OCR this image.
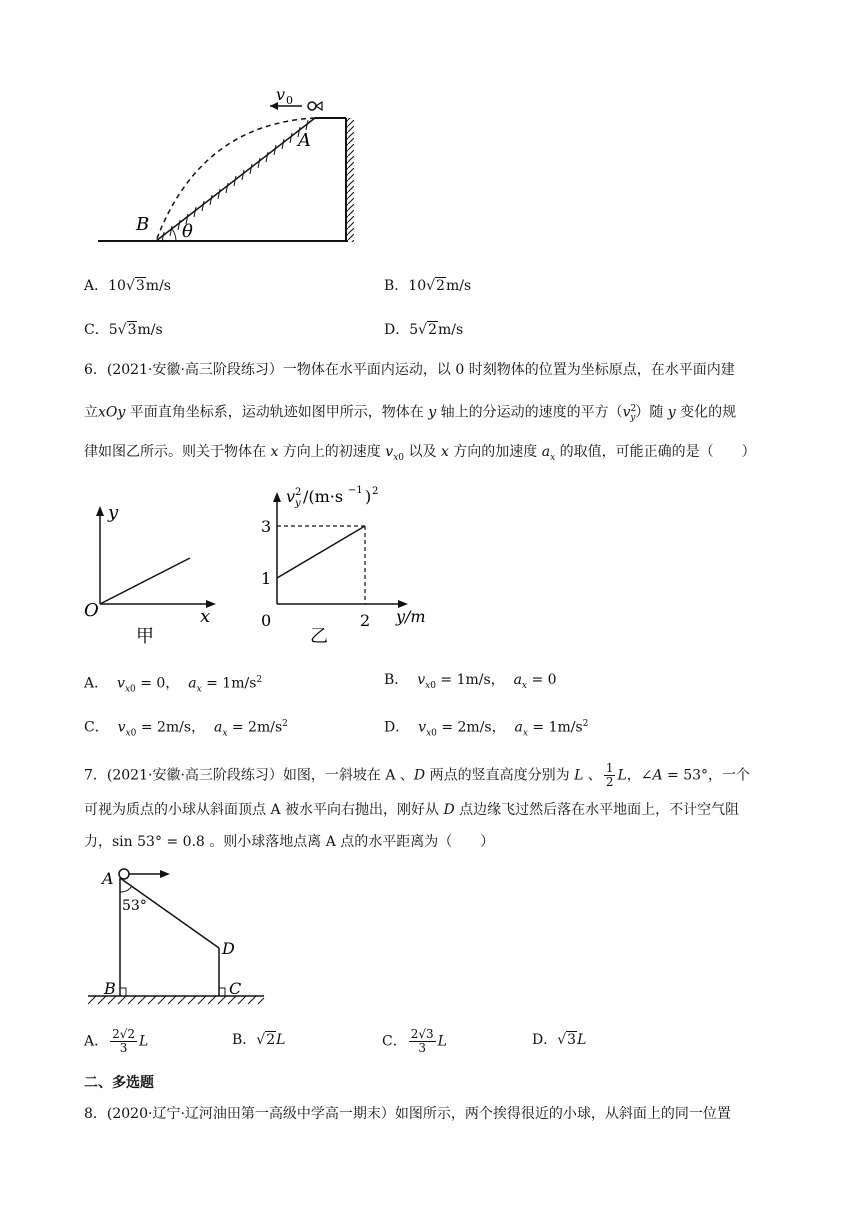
v 0
A
B θ
A．10√3m/s	B．10√2m/s
C．5√3m/s	D．5√2m/s
6．(2021·安徽·高三阶段练习）一物体在水平面内运动，以 0 时刻物体的位置为坐标原点，在水平面内建
立xOy 平面直角坐标系，运动轨迹如图甲所示，物体在 y 轴上的分运动的速度的平方$(v^2_y)$随 y 变化的规
律如图乙所示。则关于物体在 x 方向上的初速度 $v_{x0}$ 以及 x 方向的加速度 $a_x$ 的取值，可能正确的是（　　）
y
x
O
甲
1
3
0	2
v y
2 /(m·s −1 ) 2
y/m
乙
A． $v_{x0} = 0$， $a_x = 1m/s^2$	B． $v_{x0} = 1m/s$， $a_x = 0$
C． $v_{x0} = 2m/s$， $a_x = 2m/s^2$	D． $v_{x0} = 2m/s$， $a_x = 1m/s^2$
7．(2021·安徽·高三阶段练习）如图，一斜坡在 A 、D 两点的竖直高度分别为 L 、 $\frac{1}{2}$ L，∠A = 53°，一个
可视为质点的小球从斜面顶点 A 被水平向右抛出，刚好从 D 点边缘飞过然后落在水平地面上，不计空气阻
力，sin 53° = 0.8 。则小球落地点离 A 点的水平距离为（　　）
A
53°
D
B	C
A． $\frac{2√2}{3}$ L	B．√2L	C． $\frac{2√3}{3}$ L	D．√3L
二、多选题
8．(2020·辽宁·辽河油田第一高级中学高一期末）如图所示，两个挨得很近的小球，从斜面上的同一位置
